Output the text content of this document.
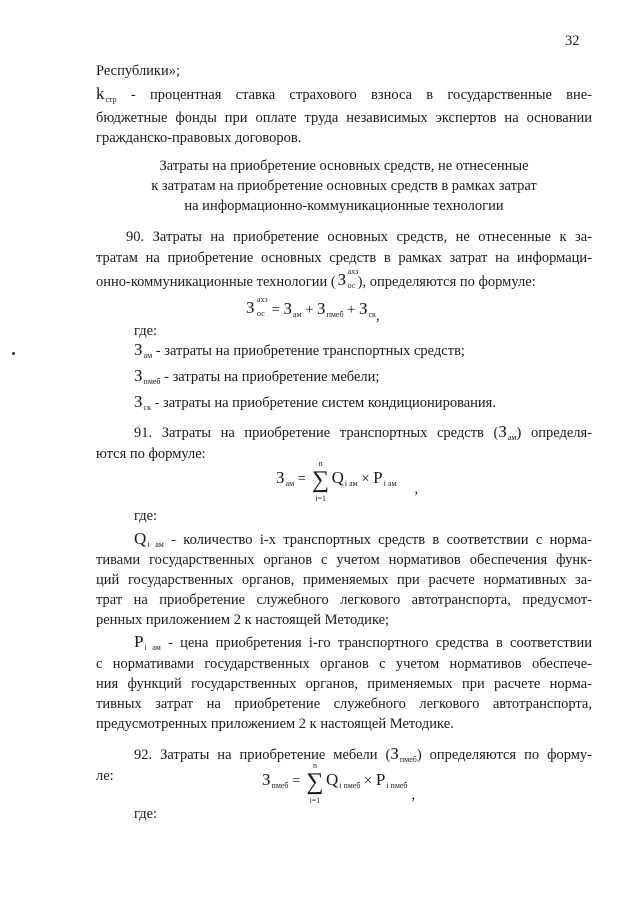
32
Республики»;
$k_{стр}$ - процентная ставка страхового взноса в государственные вне-
бюджетные фонды при оплате труда независимых экспертов на основании
гражданско-правовых договоров.
Затраты на приобретение основных средств, не отнесенные
к затратам на приобретение основных средств в рамках затрат
на информационно-коммуникационные технологии
90. Затраты на приобретение основных средств, не отнесенные к за-
тратам на приобретение основных средств в рамках затрат на информаци-
онно-коммуникационные технологии ( З ахз
ос ), определяются по формуле:
З ахз
ос = $З_{ам} + З_{пмеб} + З_{ск}$,
где:
$З_{ам}$ - затраты на приобретение транспортных средств;
$З_{пмеб}$ - затраты на приобретение мебели;
$З_{ск}$ - затраты на приобретение систем кондиционирования.
91. Затраты на приобретение транспортных средств $(З_{ам})$ определя-
ются по формуле:
$З_{ам}$ =
n
∑
i=1
$Q_{i ам} \times P_{i ам}$ ,
где:
$Q_{i ам}$ - количество i-х транспортных средств в соответствии с норма-
тивами государственных органов с учетом нормативов обеспечения функ-
ций государственных органов, применяемых при расчете нормативных за-
трат на приобретение служебного легкового автотранспорта, предусмот-
ренных приложением 2 к настоящей Методике;
$P_{i ам}$ - цена приобретения i-го транспортного средства в соответствии
с нормативами государственных органов с учетом нормативов обеспече-
ния функций государственных органов, применяемых при расчете норма-
тивных затрат на приобретение служебного легкового автотранспорта,
предусмотренных приложением 2 к настоящей Методике.
92. Затраты на приобретение мебели $(З_{пмеб})$ определяются по форму-
ле:	$З_{пмеб}$ =
n
∑
i=1
$Q_{i пмеб} \times P_{i пмеб}$,
где:
